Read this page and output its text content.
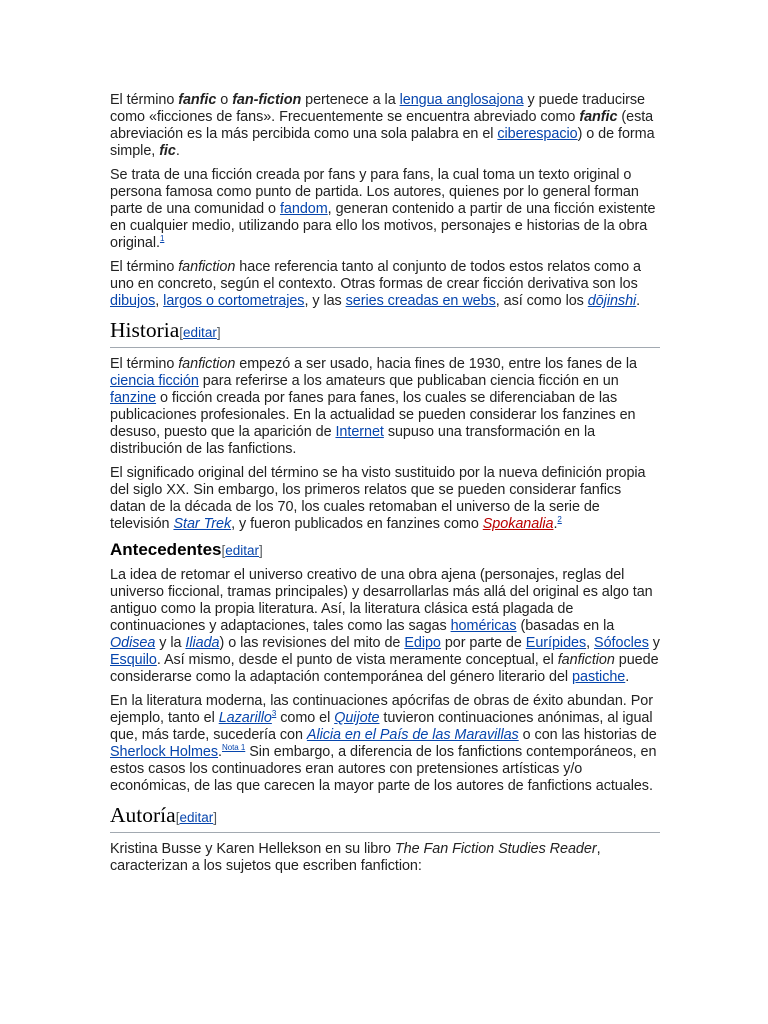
El término fanfic o fan-fiction pertenece a la lengua anglosajona y puede traducirse como «ficciones de fans». Frecuentemente se encuentra abreviado como fanfic (esta abreviación es la más percibida como una sola palabra en el ciberespacio) o de forma simple, fic.

Se trata de una ficción creada por fans y para fans, la cual toma un texto original o persona famosa como punto de partida. Los autores, quienes por lo general forman parte de una comunidad o fandom, generan contenido a partir de una ficción existente en cualquier medio, utilizando para ello los motivos, personajes e historias de la obra original.$^1$

El término fanfiction hace referencia tanto al conjunto de todos estos relatos como a uno en concreto, según el contexto. Otras formas de crear ficción derivativa son los dibujos, largos o cortometrajes, y las series creadas en webs, así como los dōjinshi.

Historia[editar]

El término fanfiction empezó a ser usado, hacia fines de 1930, entre los fanes de la ciencia ficción para referirse a los amateurs que publicaban ciencia ficción en un fanzine o ficción creada por fanes para fanes, los cuales se diferenciaban de las publicaciones profesionales. En la actualidad se pueden considerar los fanzines en desuso, puesto que la aparición de Internet supuso una transformación en la distribución de las fanfictions.

El significado original del término se ha visto sustituido por la nueva definición propia del siglo XX. Sin embargo, los primeros relatos que se pueden considerar fanfics datan de la década de los 70, los cuales retomaban el universo de la serie de televisión Star Trek, y fueron publicados en fanzines como Spokanalia.$^2$

Antecedentes[editar]

La idea de retomar el universo creativo de una obra ajena (personajes, reglas del universo ficcional, tramas principales) y desarrollarlas más allá del original es algo tan antiguo como la propia literatura. Así, la literatura clásica está plagada de continuaciones y adaptaciones, tales como las sagas homéricas (basadas en la Odisea y la Iliada) o las revisiones del mito de Edipo por parte de Eurípides, Sófocles y Esquilo. Así mismo, desde el punto de vista meramente conceptual, el fanfiction puede considerarse como la adaptación contemporánea del género literario del pastiche.

En la literatura moderna, las continuaciones apócrifas de obras de éxito abundan. Por ejemplo, tanto el Lazarillo$^3$ como el Quijote tuvieron continuaciones anónimas, al igual que, más tarde, sucedería con Alicia en el País de las Maravillas o con las historias de Sherlock Holmes.$^{Nota 1}$ Sin embargo, a diferencia de los fanfictions contemporáneos, en estos casos los continuadores eran autores con pretensiones artísticas y/o económicas, de las que carecen la mayor parte de los autores de fanfictions actuales.

Autoría[editar]

Kristina Busse y Karen Hellekson en su libro The Fan Fiction Studies Reader, caracterizan a los sujetos que escriben fanfiction:
